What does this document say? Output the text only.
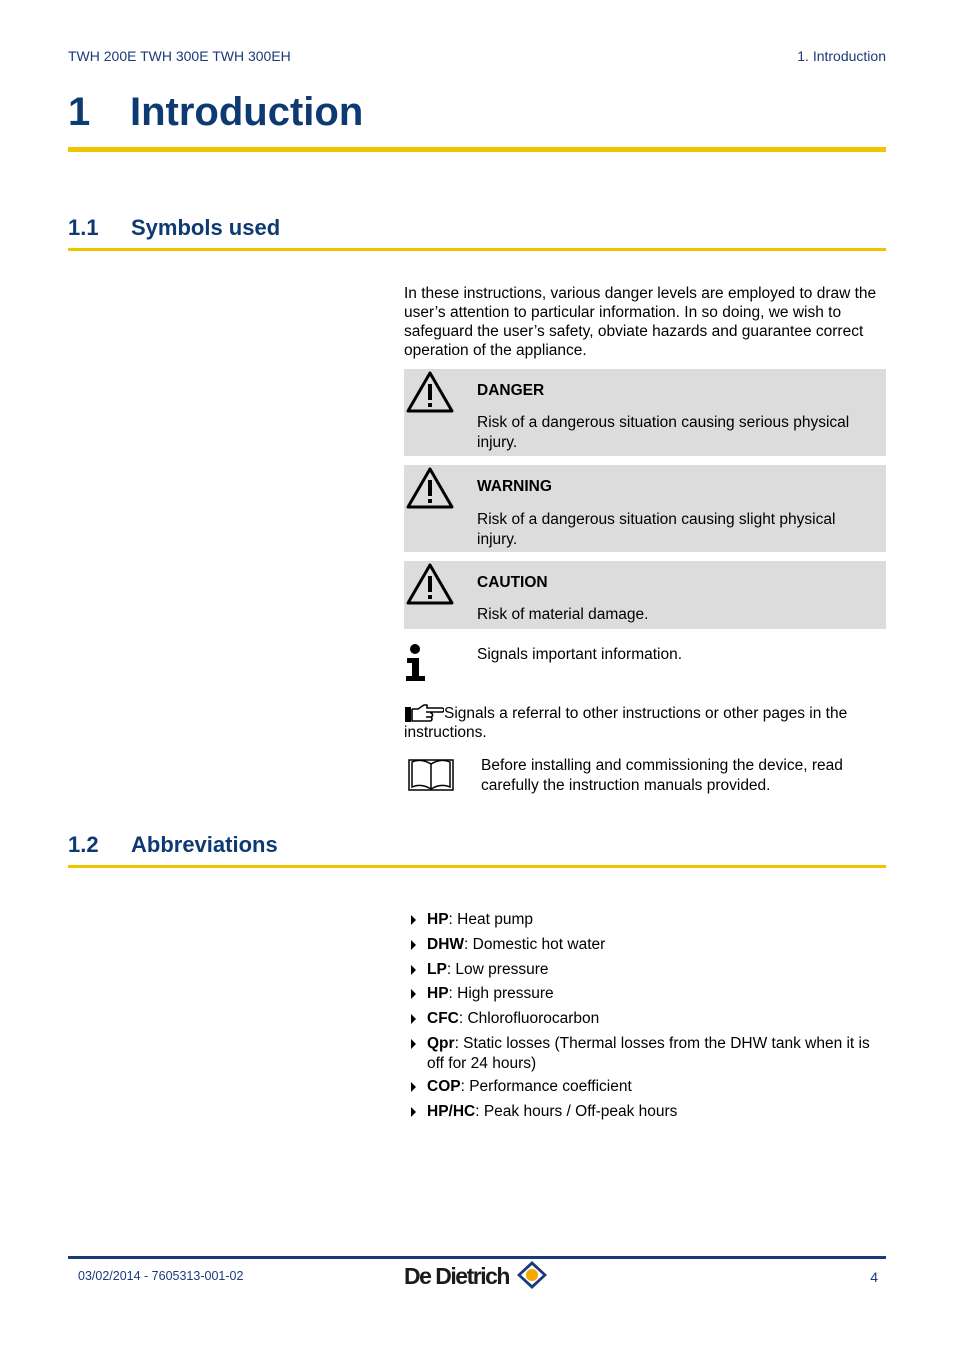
TWH 200E TWH 300E TWH 300EH	1. Introduction
1 Introduction
1.1 Symbols used
In these instructions, various danger levels are employed to draw the user’s attention to particular information. In so doing, we wish to safeguard the user’s safety, obviate hazards and guarantee correct operation of the appliance.
DANGER
Risk of a dangerous situation causing serious physical injury.
WARNING
Risk of a dangerous situation causing slight physical injury.
CAUTION
Risk of material damage.
Signals important information.
Signals a referral to other instructions or other pages in the instructions.
Before installing and commissioning the device, read carefully the instruction manuals provided.
1.2 Abbreviations
HP: Heat pump
DHW: Domestic hot water
LP: Low pressure
HP: High pressure
CFC: Chlorofluorocarbon
Qpr: Static losses (Thermal losses from the DHW tank when it is off for 24 hours)
COP: Performance coefficient
HP/HC: Peak hours / Off-peak hours
03/02/2014 - 7605313-001-02	De Dietrich	4
